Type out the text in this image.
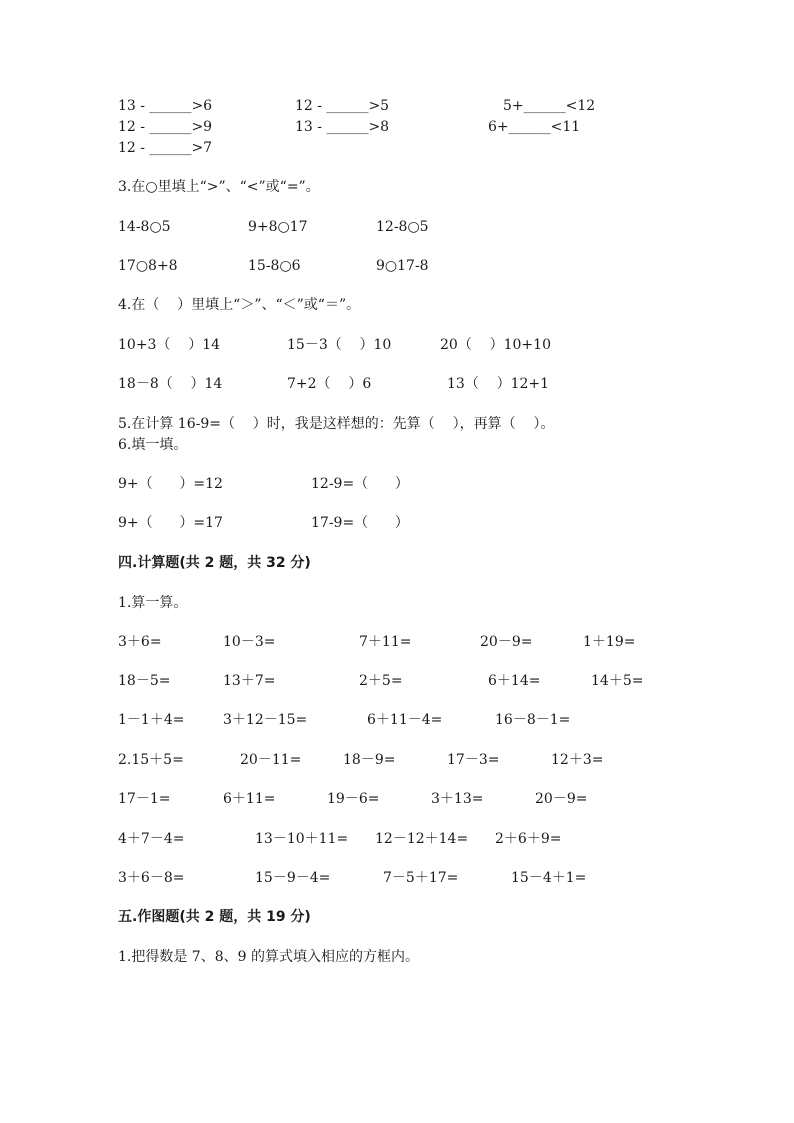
13 - ______>6	12 - ______>5	5+______<12
12 - ______>9	13 - ______>8	6+______<11
12 - ______>7
3.在○里填上“>”、“<”或“=”。
14-8○5	9+8○17	12-8○5
17○8+8	15-8○6	9○17-8
4.在（    ）里填上“＞”、“＜”或“＝”。
10+3（    ）14	15－3（    ）10	20（    ）10+10
18－8（    ）14	7+2（    ）6	13（    ）12+1
5.在计算 16-9=（    ）时，我是这样想的：先算（    ），再算（    ）。
6.填一填。
9+（      ）=12	12-9=（      ）
9+（      ）=17	17-9=（      ）
四.计算题(共 2 题，共 32 分)
1.算一算。
3＋6=	10－3=	7＋11=	20－9=	1＋19=
18－5=	13＋7=	2＋5=	6＋14=	14＋5=
1－1＋4=	3＋12－15=	6＋11－4=	16－8－1=
2.15＋5=	20－11=	18－9=	17－3=	12＋3=
17－1=	6＋11=	19－6=	3＋13=	20－9=
4＋7－4=	13－10＋11= 12－12＋14= 2＋6＋9=
3＋6－8=	15－9－4=	7－5＋17=	15－4＋1=
五.作图题(共 2 题，共 19 分)
1.把得数是 7、8、9 的算式填入相应的方框内。
